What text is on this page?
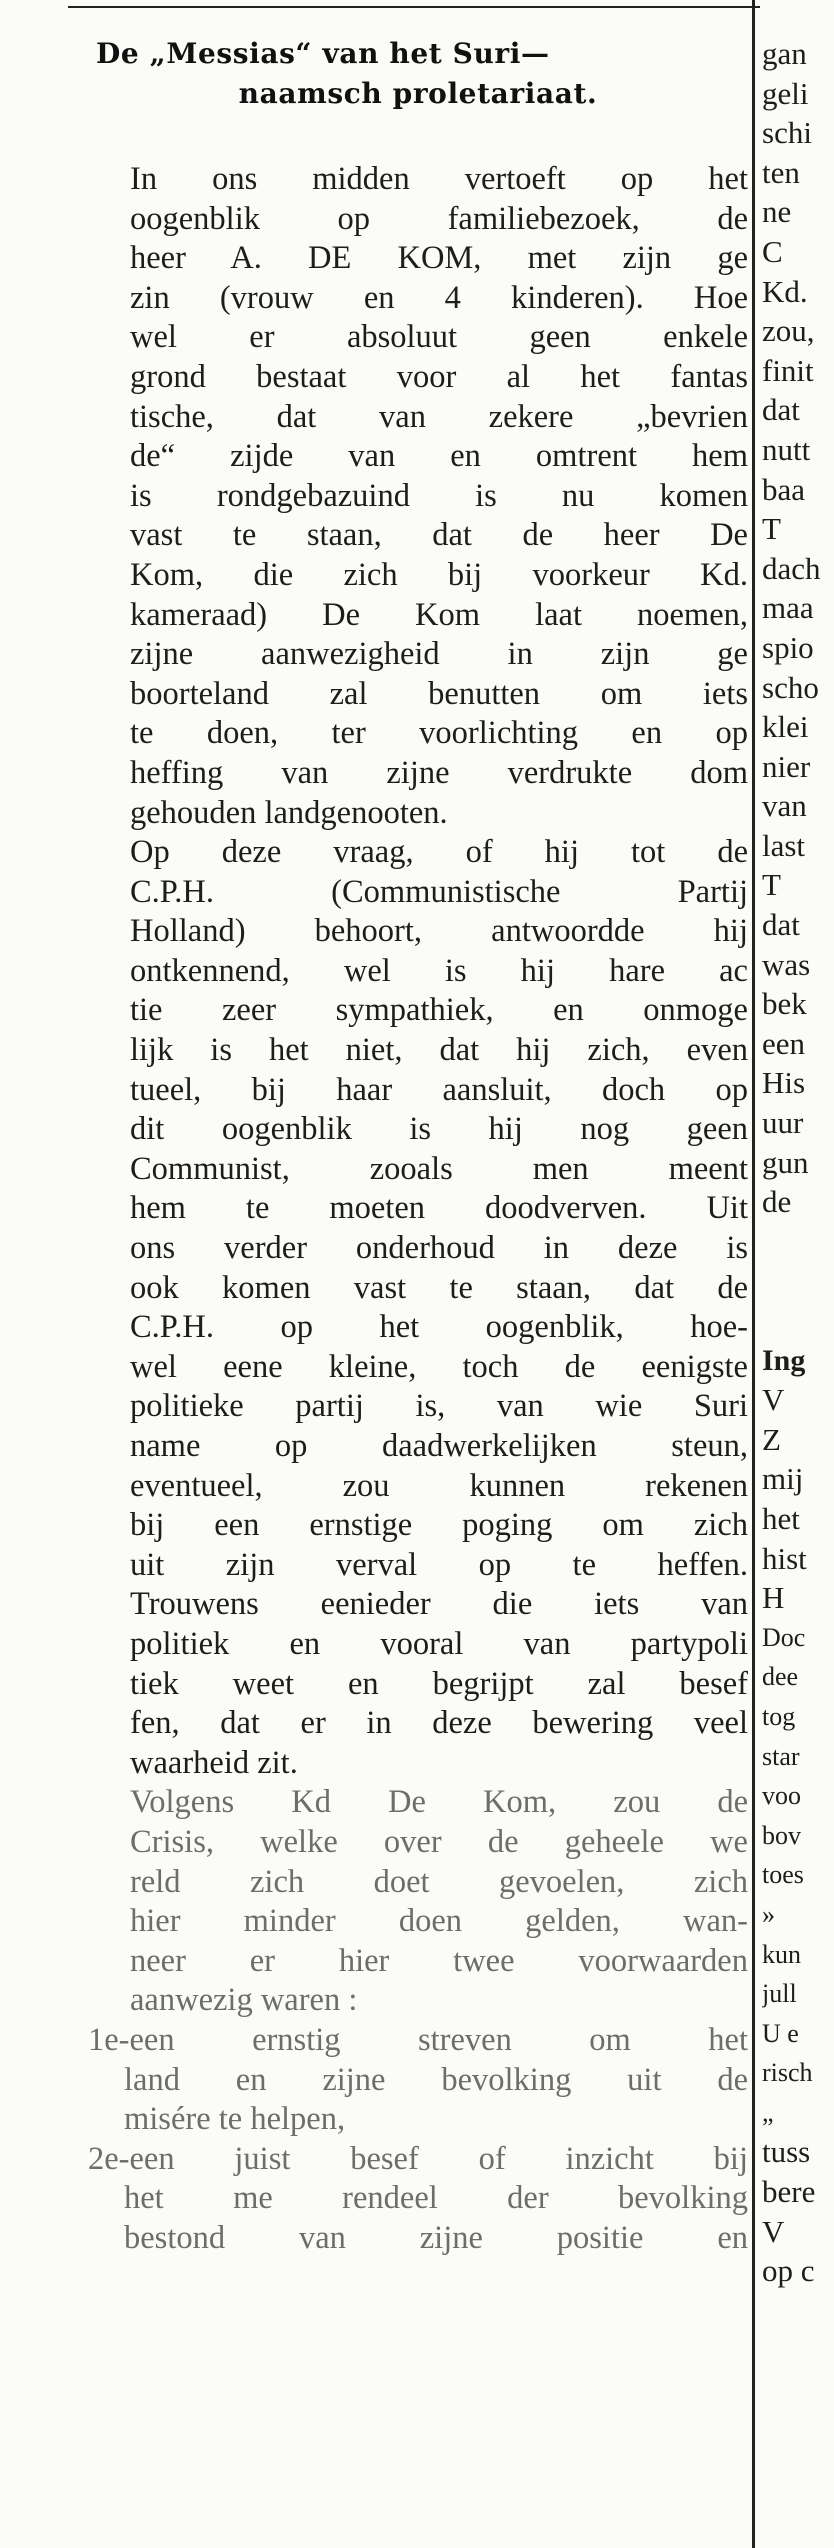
De „Messias“ van het Suri—
naamsch proletariaat.

In ons midden vertoeft op het
oogenblik op familiebezoek, de
heer A. DE KOM, met zijn ge
zin (vrouw en 4 kinderen). Hoe
wel er absoluut geen enkele
grond bestaat voor al het fantas
tische, dat van zekere „bevrien
de“ zijde van en omtrent hem
is rondgebazuind is nu komen
vast te staan, dat de heer De
Kom, die zich bij voorkeur Kd.
kameraad) De Kom laat noemen,
zijne aanwezigheid in zijn ge
boorteland zal benutten om iets
te doen, ter voorlichting en op
heffing van zijne verdrukte dom
gehouden landgenooten.

Op deze vraag, of hij tot de
C.P.H. (Communistische Partij
Holland) behoort, antwoordde hij
ontkennend, wel is hij hare ac
tie zeer sympathiek, en onmoge
lijk is het niet, dat hij zich, even
tueel, bij haar aansluit, doch op
dit oogenblik is hij nog geen
Communist, zooals men meent
hem te moeten doodverven. Uit
ons verder onderhoud in deze is
ook komen vast te staan, dat de
C.P.H. op het oogenblik, hoe-
wel eene kleine, toch de eenigste
politieke partij is, van wie Suri
name op daadwerkelijken steun,
eventueel, zou kunnen rekenen
bij een ernstige poging om zich
uit zijn verval op te heffen.
Trouwens eenieder die iets van
politiek en vooral van partypoli
tiek weet en begrijpt zal besef
fen, dat er in deze bewering veel
waarheid zit.

Volgens Kd De Kom, zou de
Crisis, welke over de geheele we
reld zich doet gevoelen, zich
hier minder doen gelden, wan-
neer er hier twee voorwaarden
aanwezig waren :

1e-een ernstig streven om het
land en zijne bevolking uit de
misére te helpen,

2e-een juist besef of inzicht bij
het me rendeel der bevolking
bestond van zijne positie en

gan
geli
schi
ten
ne
C
Kd.
zou,
finit
dat
nutt
baa
T
dach
maa
spio
scho
klei
nier
van
last
T
dat
was
bek
een
His
uur
gun
de

Ing
V
Z
mij
het
hist
H
Doc
dee
tog
star
voo
bov
toes
»
kun
jull
U e
risch
„
tuss
bere
V
op c
